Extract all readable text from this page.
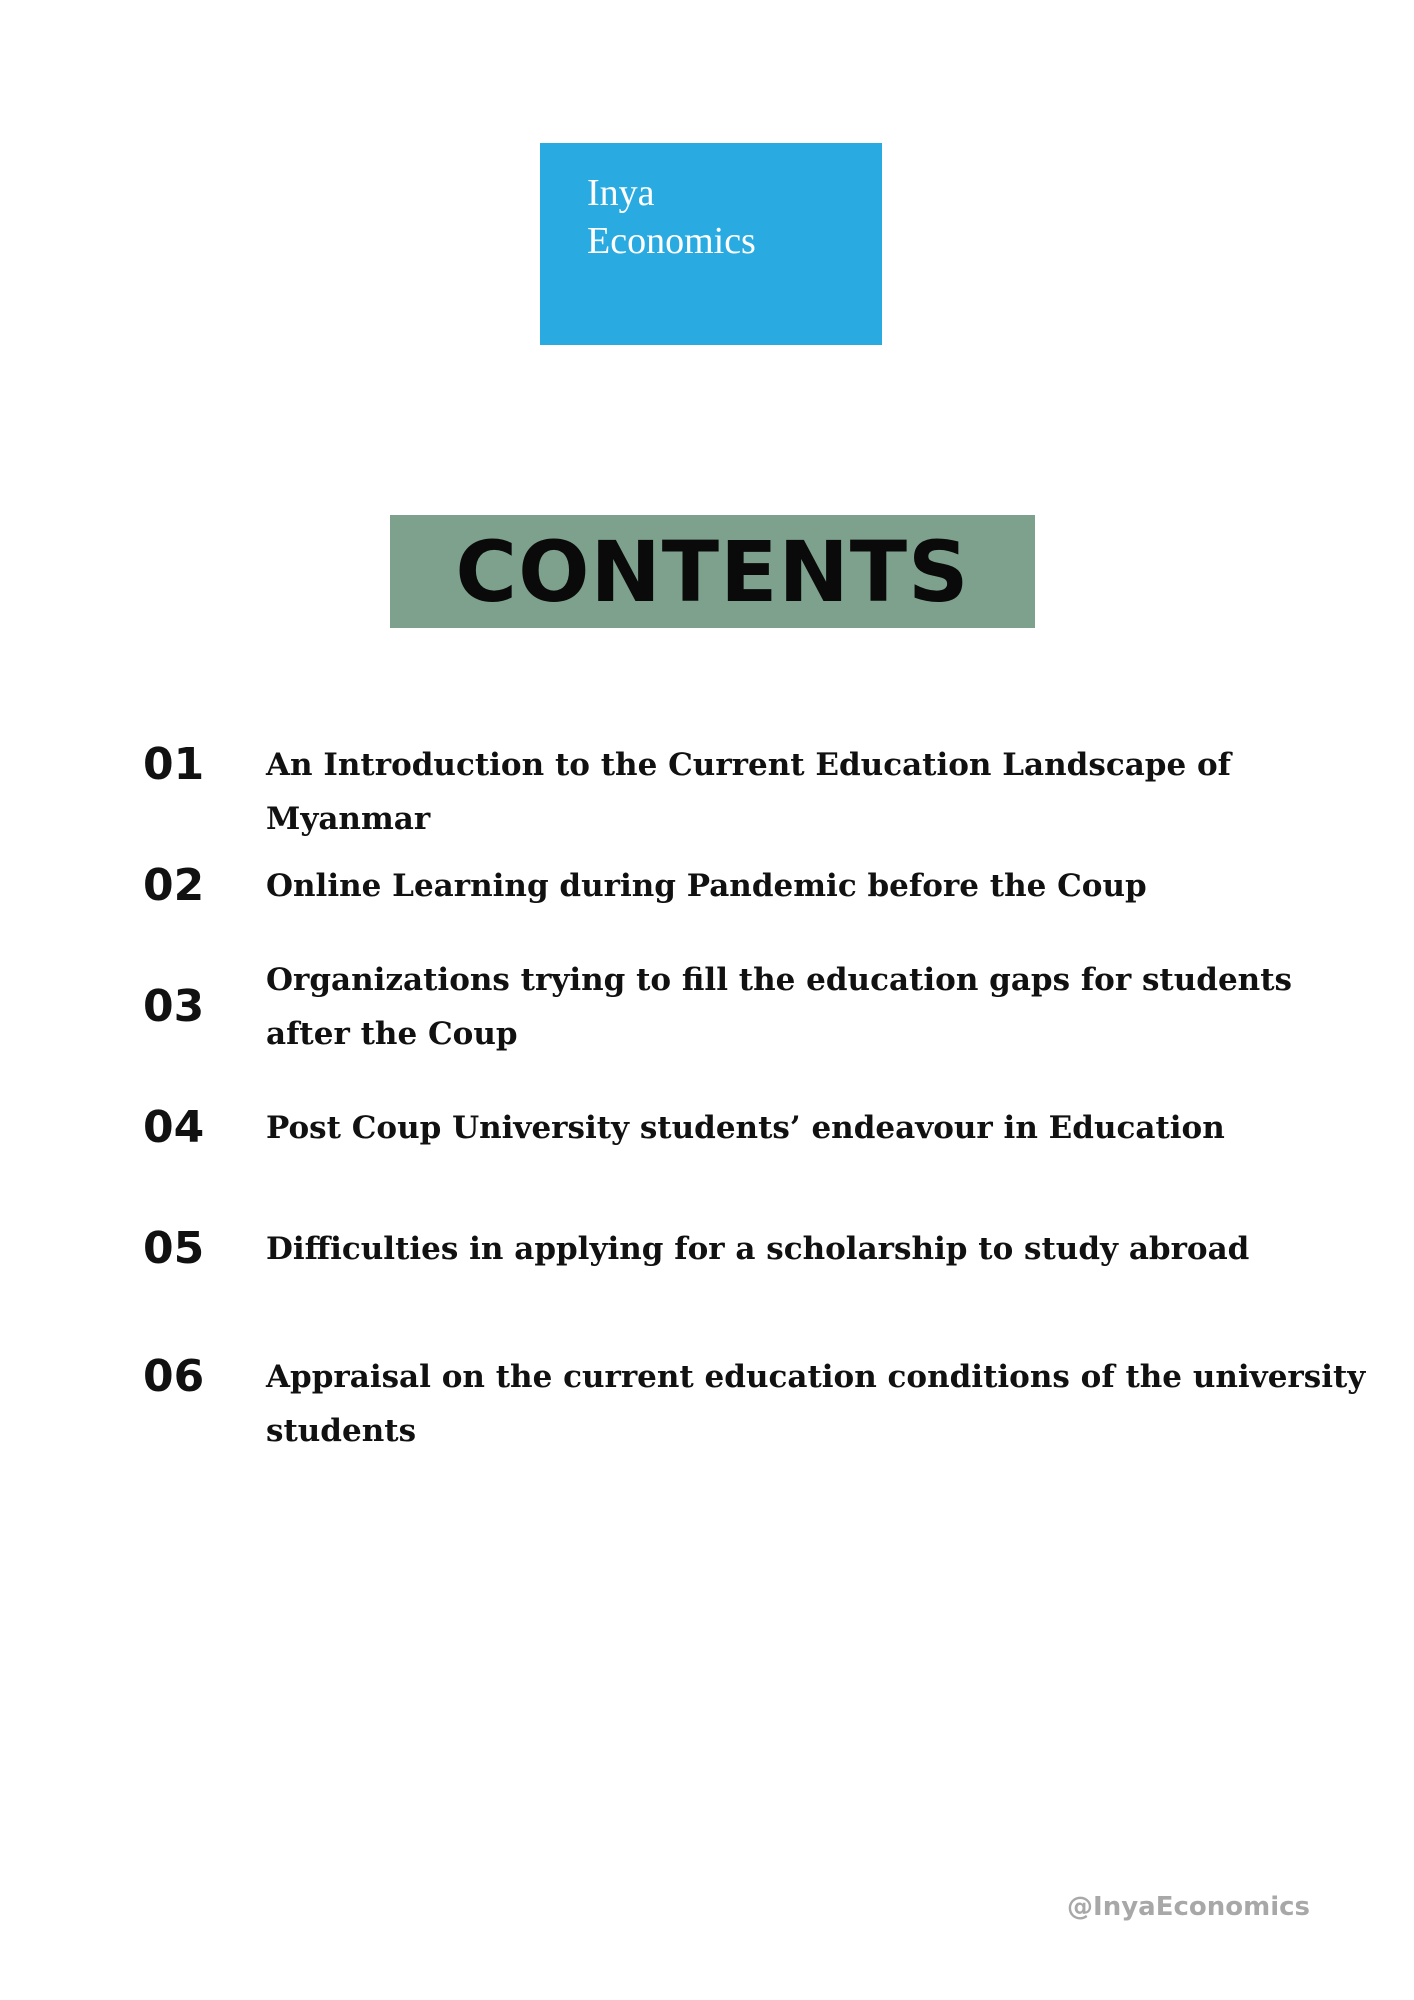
Inya
Economics
CONTENTS
01 An Introduction to the Current Education Landscape of Myanmar
02 Online Learning during Pandemic before the Coup
03
Organizations trying to fill the education gaps for students after the Coup
04 Post Coup University students’ endeavour in Education
05 Difficulties in applying for a scholarship to study abroad
06 Appraisal on the current education conditions of the university students
@InyaEconomics
